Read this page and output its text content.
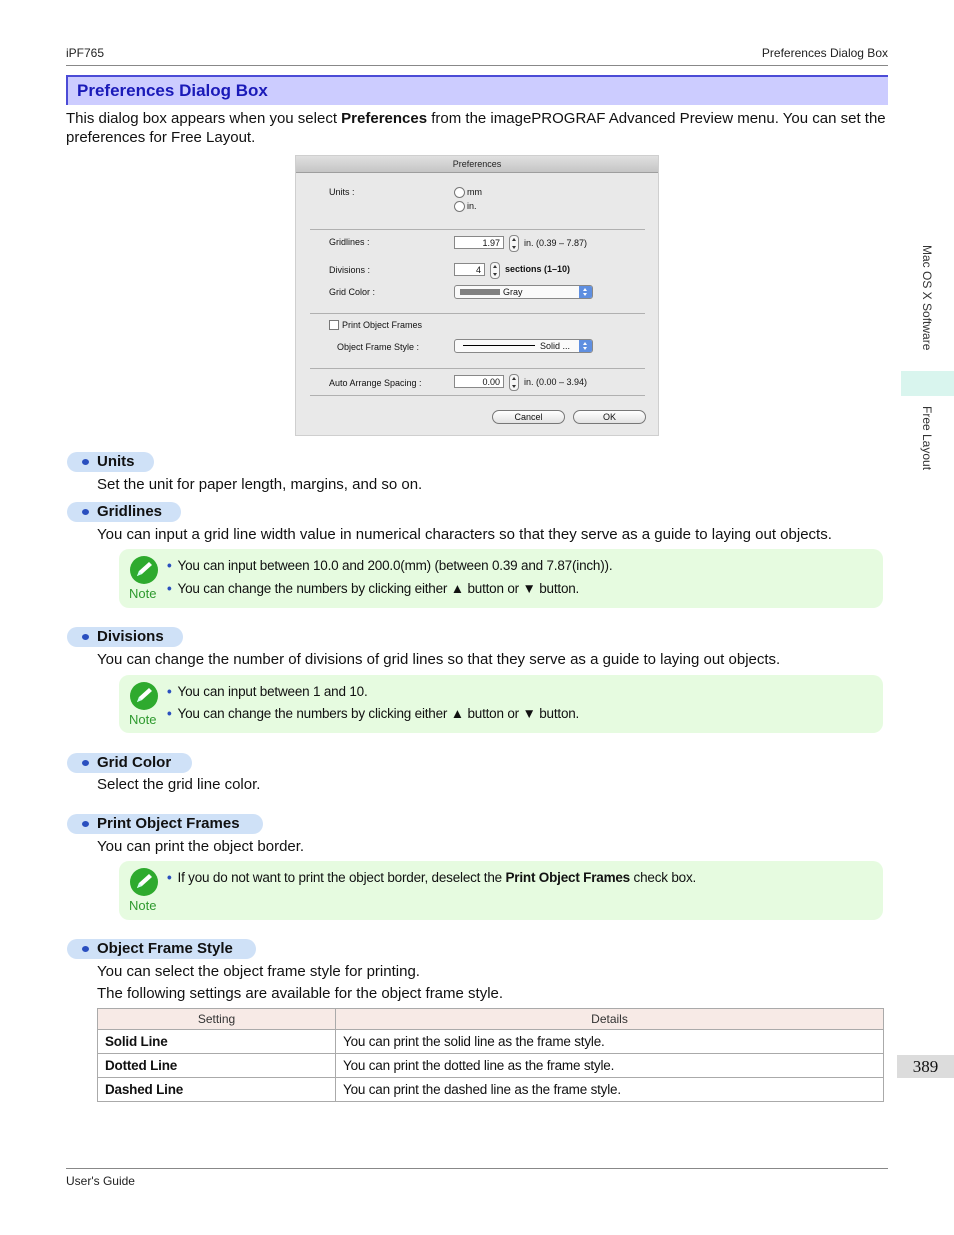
iPF765	Preferences Dialog Box
Preferences Dialog Box
This dialog box appears when you select Preferences from the imagePROGRAF Advanced Preview menu. You can set the preferences for Free Layout.
Preferences
Units :	mm
in.
Gridlines :	1.97	in. (0.39 – 7.87)
Divisions :	4	sections (1–10)
Grid Color :	Gray
Print Object Frames
Object Frame Style :	Solid ...
Auto Arrange Spacing :	0.00	in. (0.00 – 3.94)
Cancel	OK
Units
Set the unit for paper length, margins, and so on.
Gridlines
You can input a grid line width value in numerical characters so that they serve as a guide to laying out objects.
Note
• You can input between 10.0 and 200.0(mm) (between 0.39 and 7.87(inch)).
• You can change the numbers by clicking either ▲ button or ▼ button.
Divisions
You can change the number of divisions of grid lines so that they serve as a guide to laying out objects.
Note
• You can input between 1 and 10.
• You can change the numbers by clicking either ▲ button or ▼ button.
Grid Color
Select the grid line color.
Print Object Frames
You can print the object border.
Note
• If you do not want to print the object border, deselect the Print Object Frames check box.
Object Frame Style
You can select the object frame style for printing.
The following settings are available for the object frame style.
Setting	Details
Solid Line	You can print the solid line as the frame style.
Dotted Line	You can print the dotted line as the frame style.
Dashed Line	You can print the dashed line as the frame style.
Mac OS X Software
Free Layout
389
User's Guide
